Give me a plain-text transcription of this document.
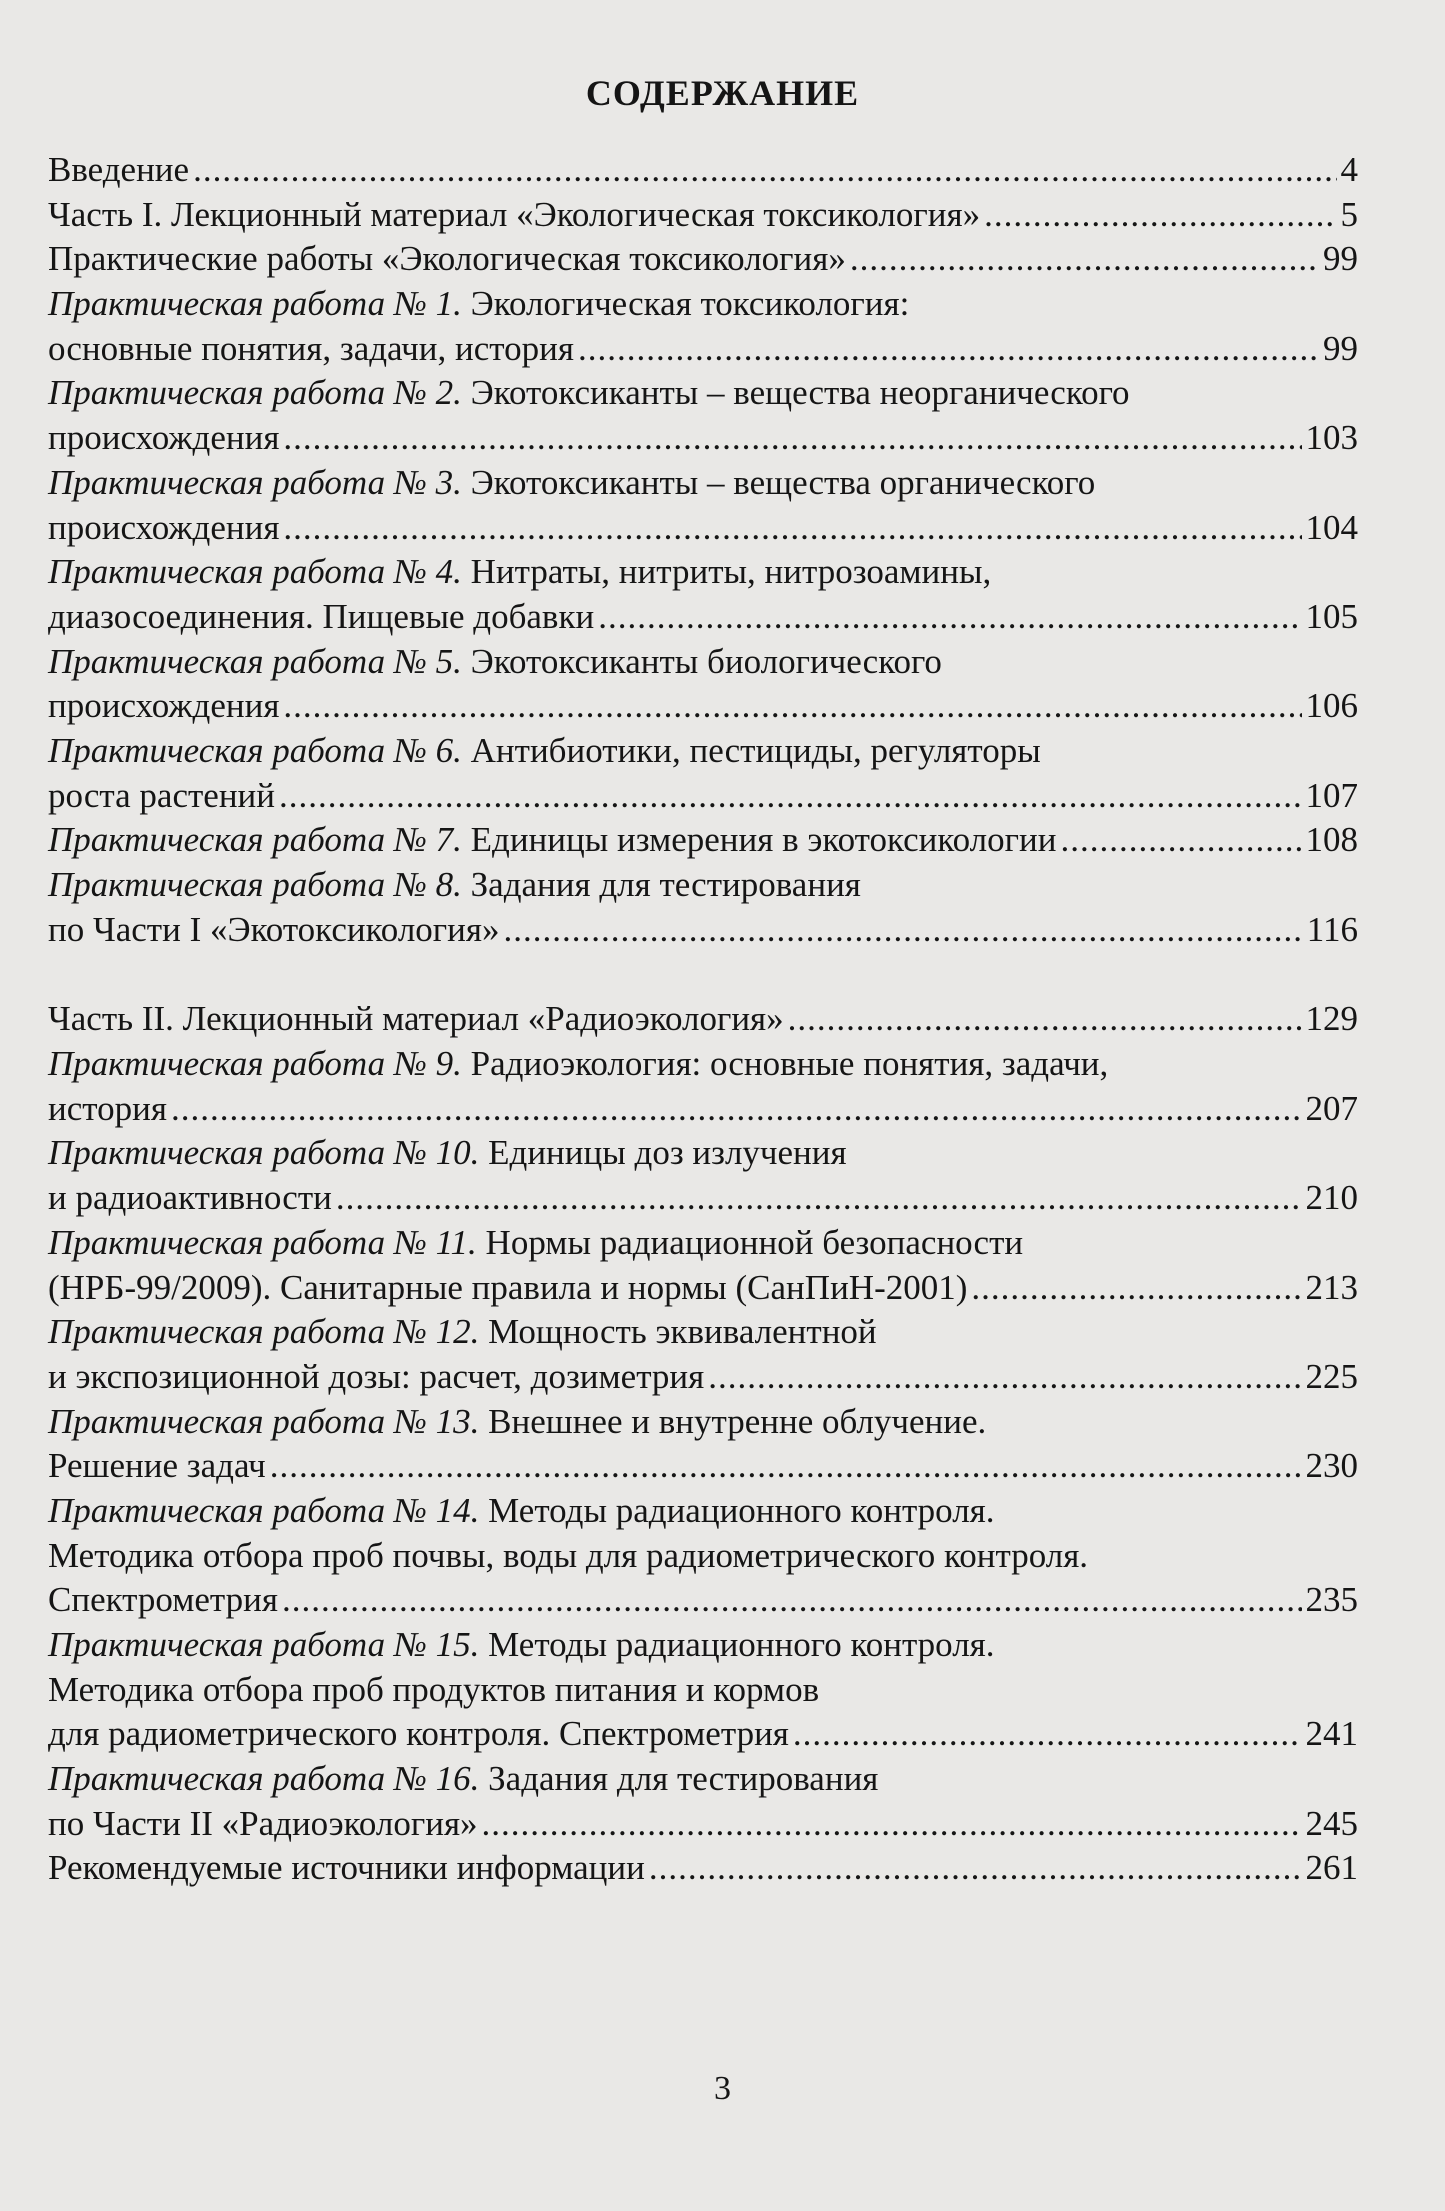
СОДЕРЖАНИЕ
Введение .....	4
Часть I. Лекционный материал «Экологическая токсикология» .....	5
Практические работы «Экологическая токсикология» .....	99
Практическая работа № 1. Экологическая токсикология:
основные понятия, задачи, история .....	99
Практическая работа № 2. Экотоксиканты – вещества неорганического
происхождения .....	103
Практическая работа № 3. Экотоксиканты – вещества органического
происхождения .....	104
Практическая работа № 4. Нитраты, нитриты, нитрозоамины,
диазосоединения. Пищевые добавки .....	105
Практическая работа № 5. Экотоксиканты биологического
происхождения .....	106
Практическая работа № 6. Антибиотики, пестициды, регуляторы
роста растений .....	107
Практическая работа № 7. Единицы измерения в экотоксикологии .....	108
Практическая работа № 8. Задания для тестирования
по Части I «Экотоксикология» .....	116
Часть II. Лекционный материал «Радиоэкология» .....	129
Практическая работа № 9. Радиоэкология: основные понятия, задачи,
история .....	207
Практическая работа № 10. Единицы доз излучения
и радиоактивности .....	210
Практическая работа № 11. Нормы радиационной безопасности
(НРБ-99/2009). Санитарные правила и нормы (СанПиН-2001) .....	213
Практическая работа № 12. Мощность эквивалентной
и экспозиционной дозы: расчет, дозиметрия .....	225
Практическая работа № 13. Внешнее и внутренне облучение.
Решение задач .....	230
Практическая работа № 14. Методы радиационного контроля.
Методика отбора проб почвы, воды для радиометрического контроля.
Спектрометрия .....	235
Практическая работа № 15. Методы радиационного контроля.
Методика отбора проб продуктов питания и кормов
для радиометрического контроля. Спектрометрия .....	241
Практическая работа № 16. Задания для тестирования
по Части II «Радиоэкология» .....	245
Рекомендуемые источники информации .....	261
3
